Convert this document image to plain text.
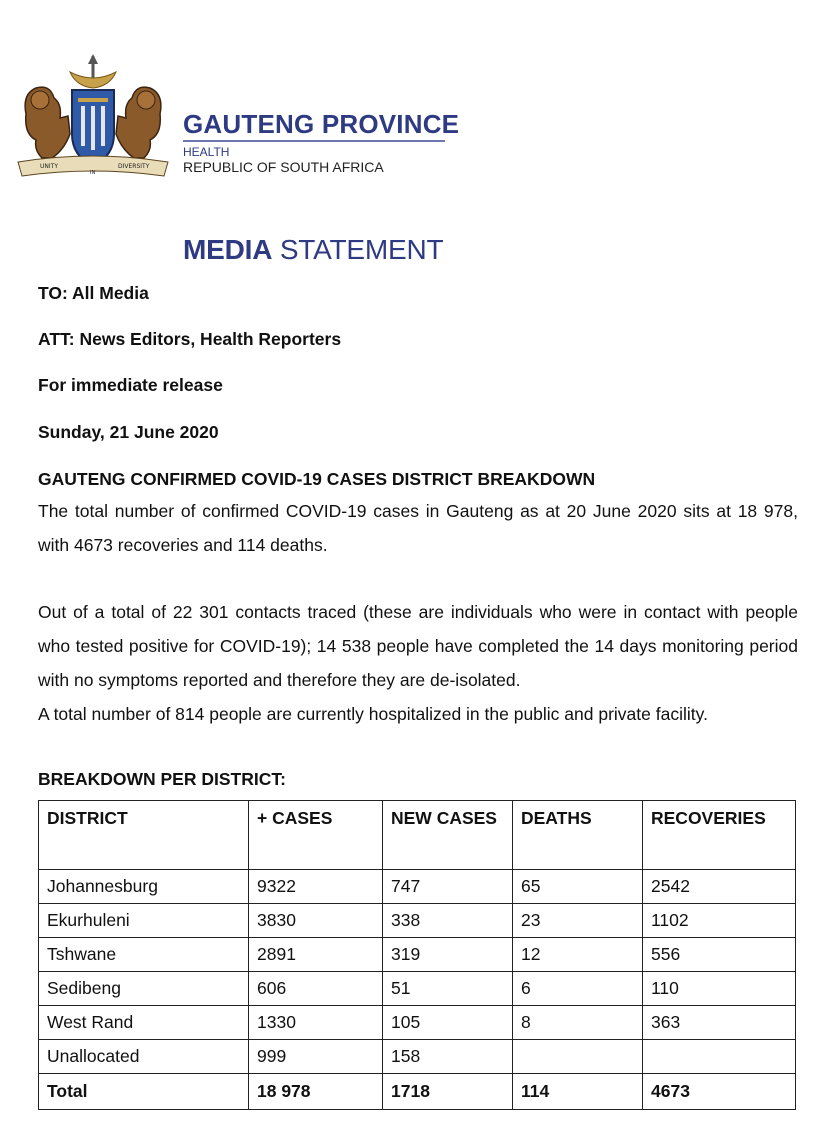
UNITY
IN
DIVERSITY
GAUTENG PROVINCE
HEALTH
REPUBLIC OF SOUTH AFRICA
MEDIA STATEMENT
TO: All Media
ATT: News Editors, Health Reporters
For immediate release
Sunday, 21 June 2020
GAUTENG CONFIRMED COVID-19 CASES DISTRICT BREAKDOWN
The total number of confirmed COVID-19 cases in Gauteng as at 20 June 2020 sits at 18 978, with 4673 recoveries and 114 deaths.
Out of a total of 22 301 contacts traced (these are individuals who were in contact with people who tested positive for COVID-19); 14 538 people have completed the 14 days monitoring period with no symptoms reported and therefore they are de-isolated.
A total number of 814 people are currently hospitalized in the public and private facility.
BREAKDOWN PER DISTRICT:
DISTRICT	+ CASES	NEW CASES	DEATHS	RECOVERIES
Johannesburg	9322	747	65	2542
Ekurhuleni	3830	338	23	1102
Tshwane	2891	319	12	556
Sedibeng	606	51	6	110
West Rand	1330	105	8	363
Unallocated	999	158		
Total	18 978	1718	114	4673
